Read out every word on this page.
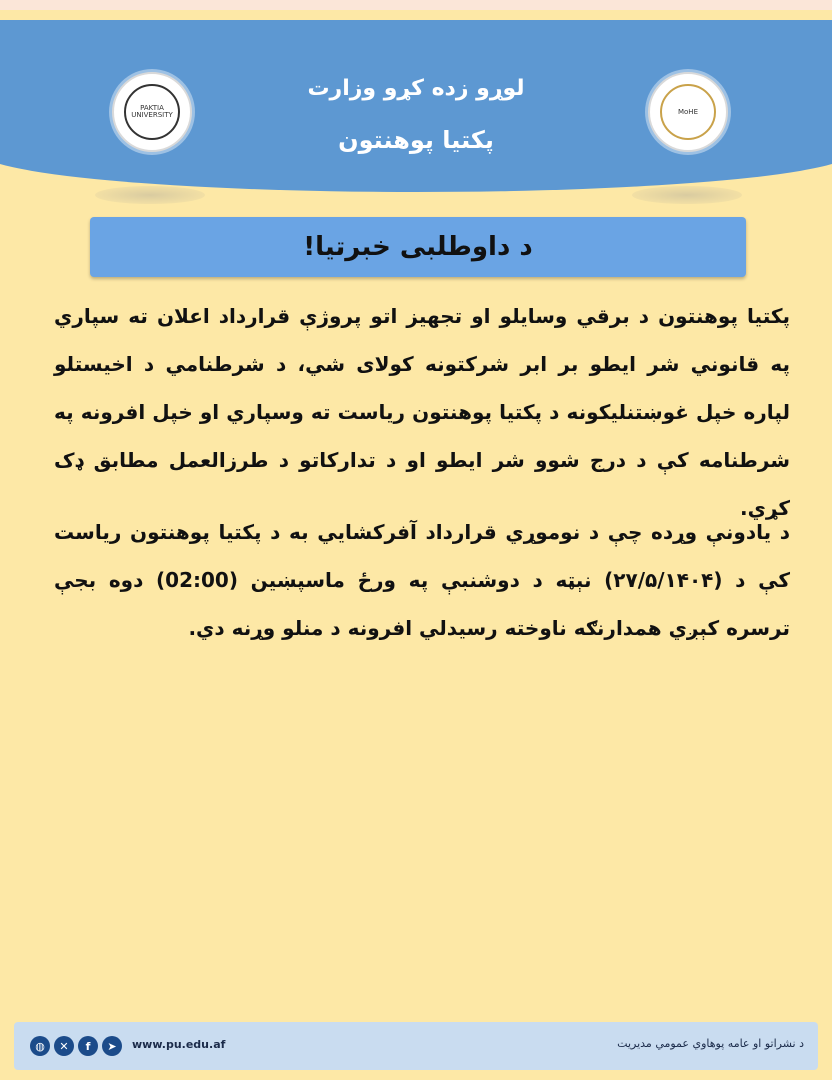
PAKTIA UNIVERSITY	MoHE
لوړو زده کړو وزارت
پکتیا پوهنتون
د داوطلبی خبرتیا!
پکتیا پوهنتون د برقي وسایلو او تجهیز اتو پروژې قرارداد اعلان ته سپاري په قانوني شر ایطو بر ابر شرکتونه کولای شي، د شرطنامي د اخیستلو لپاره خپل غوښتنلیکونه د پکتیا پوهنتون ریاست ته وسپاري او خپل افرونه په شرطنامه کې د درج شوو شر ایطو او د تدارکاتو د طرزالعمل مطابق ډک کړي.
د یادونې وړده چې د نوموړي قرارداد آفرکشایي به د پکتیا پوهنتون ریاست کې د (۲۷/۵/۱۴۰۴) نېټه د دوشنبې په ورځ ماسپښین (02:00) دوه بجې ترسره کېږي همدارنګه ناوخته رسیدلي افرونه د منلو وړنه دي.
◍	✕	f	➤	www.pu.edu.af	د نشراتو او عامه پوهاوي عمومي مدیریت
